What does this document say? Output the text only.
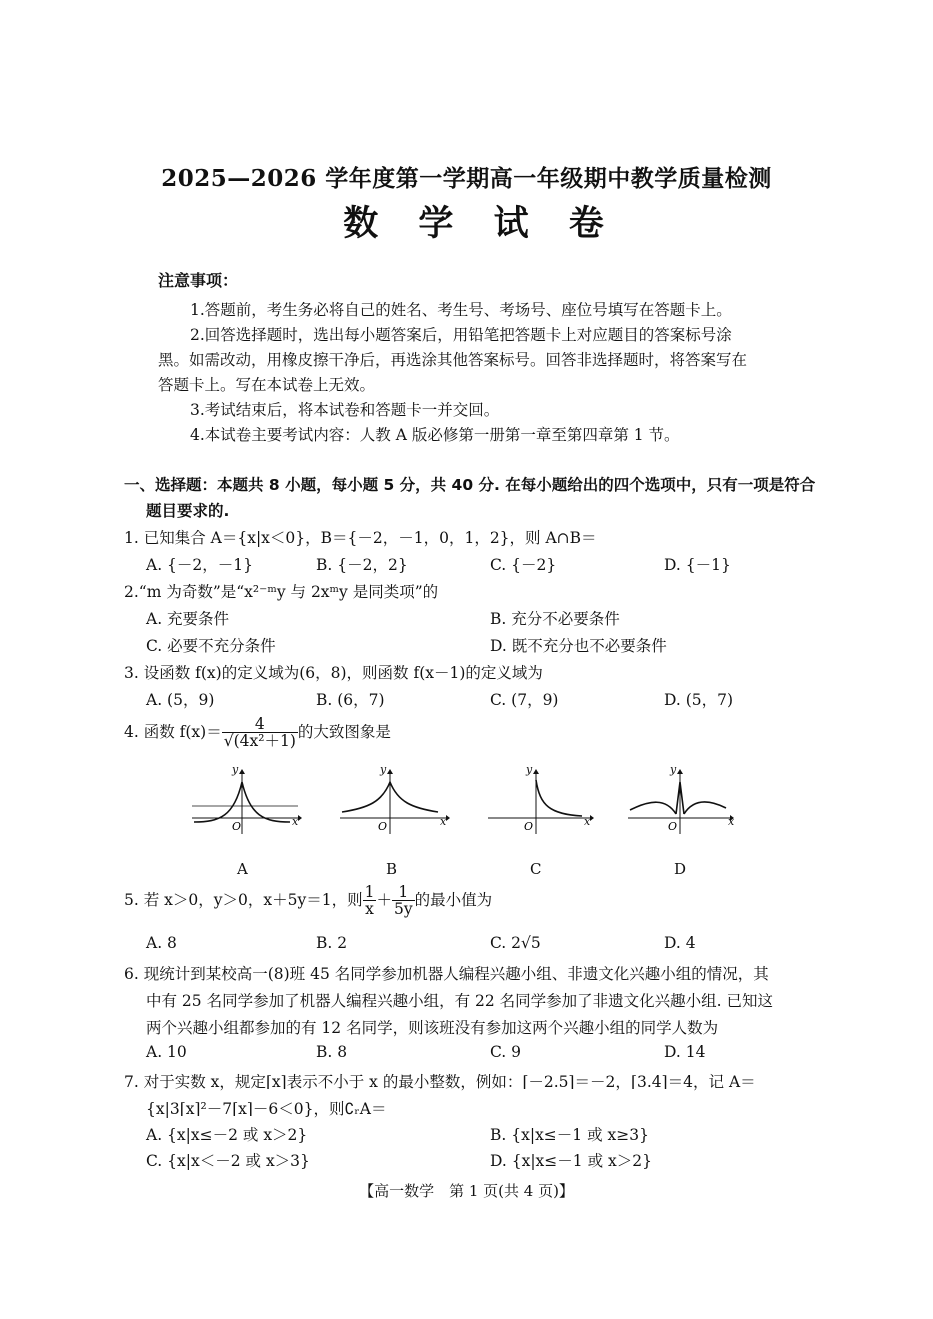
2025—2026 学年度第一学期高一年级期中教学质量检测
数 学 试 卷
注意事项：
1.答题前，考生务必将自己的姓名、考生号、考场号、座位号填写在答题卡上。
2.回答选择题时，选出每小题答案后，用铅笔把答题卡上对应题目的答案标号涂
黑。如需改动，用橡皮擦干净后，再选涂其他答案标号。回答非选择题时，将答案写在
答题卡上。写在本试卷上无效。
3.考试结束后，将本试卷和答题卡一并交回。
4.本试卷主要考试内容：人教 A 版必修第一册第一章至第四章第 1 节。
一、选择题：本题共 8 小题，每小题 5 分，共 40 分. 在每小题给出的四个选项中，只有一项是符合
题目要求的.
1. 已知集合 A＝{x|x＜0}，B＝{－2，－1，0，1，2}，则 A∩B＝
A. {－2，－1}	B. {－2，2}	C. {－2}	D. {－1}
2.“m 为奇数”是“x²⁻ᵐy 与 2xᵐy 是同类项”的
A. 充要条件	B. 充分不必要条件
C. 必要不充分条件	D. 既不充分也不必要条件
3. 设函数 f(x)的定义域为(6，8)，则函数 f(x－1)的定义域为
A. (5，9)	B. (6，7)	C. (7，9)	D. (5，7)
4. 函数 $f(x)= \frac{4}{\text{√(4x²＋1)}}$ 的大致图象是
O
y
x
A
O
y
x
B
O
y
x
C
O
y
x
D
5. 若 x＞0，y＞0，x＋5y＝1，则 $\frac{1}{x} + \frac{1}{5y}$ 的最小值为
A. 8	B. 2	C. 2√5	D. 4
6. 现统计到某校高一(8)班 45 名同学参加机器人编程兴趣小组、非遗文化兴趣小组的情况，其
中有 25 名同学参加了机器人编程兴趣小组，有 22 名同学参加了非遗文化兴趣小组. 已知这
两个兴趣小组都参加的有 12 名同学，则该班没有参加这两个兴趣小组的同学人数为
A. 10	B. 8	C. 9	D. 14
7. 对于实数 x，规定⌈x⌉表示不小于 x 的最小整数，例如：⌈－2.5⌉＝－2，⌈3.4⌉＝4，记 A＝
{x|3⌈x⌉²－7⌈x⌉－6＜0}，则∁ᵣA＝
A. {x|x≤－2 或 x＞2}	B. {x|x≤－1 或 x≥3}
C. {x|x＜－2 或 x＞3}	D. {x|x≤－1 或 x＞2}
【高一数学　第 1 页(共 4 页)】
